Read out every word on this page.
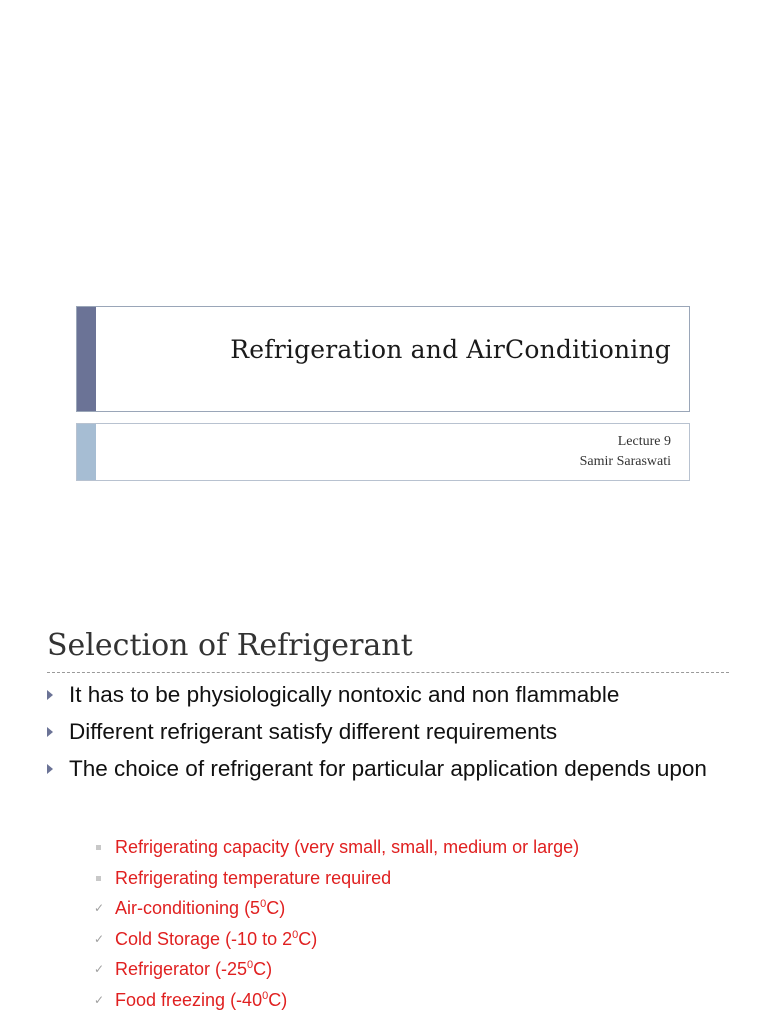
Refrigeration and AirConditioning
Lecture 9
Samir Saraswati
Selection of Refrigerant
It has to be physiologically nontoxic and non flammable
Different refrigerant satisfy different requirements
The choice of refrigerant for particular application depends upon
Refrigerating capacity (very small, small, medium or large)
Refrigerating temperature required
✓ Air-conditioning $(5^0C)$
✓ Cold Storage (-10 to $2^0C$)
✓ Refrigerator $(-25^0C)$
✓ Food freezing $(-40^0C)$
